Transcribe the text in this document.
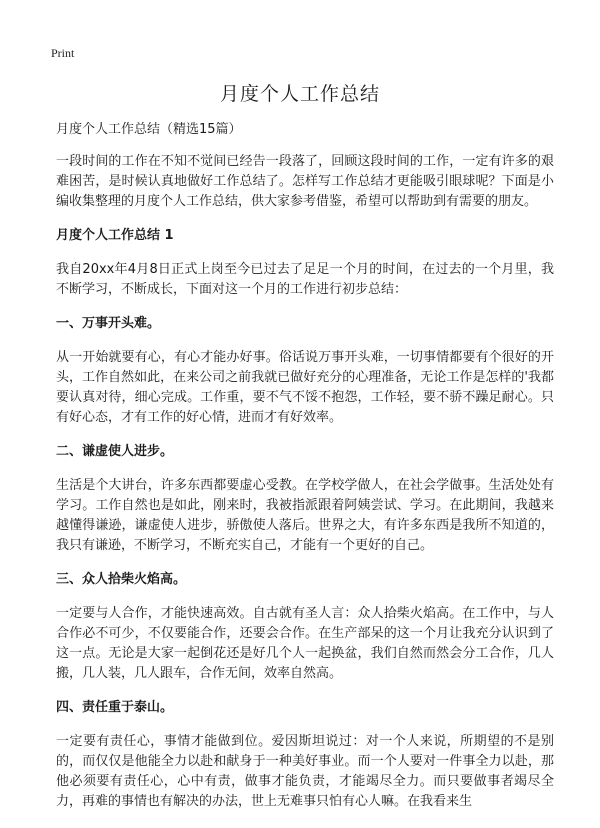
Print
月度个人工作总结

月度个人工作总结（精选15篇）

一段时间的工作在不知不觉间已经告一段落了，回顾这段时间的工作，一定有许多的艰难困苦，是时候认真地做好工作总结了。怎样写工作总结才更能吸引眼球呢？下面是小编收集整理的月度个人工作总结，供大家参考借鉴，希望可以帮助到有需要的朋友。

月度个人工作总结 1

我自20xx年4月8日正式上岗至今已过去了足足一个月的时间，在过去的一个月里，我不断学习，不断成长，下面对这一个月的工作进行初步总结：

一、万事开头难。

从一开始就要有心，有心才能办好事。俗话说万事开头难，一切事情都要有个很好的开头，工作自然如此，在来公司之前我就已做好充分的心理准备，无论工作是怎样的'我都要认真对待，细心完成。工作重，要不气不馁不抱怨，工作轻，要不骄不躁足耐心。只有好心态，才有工作的好心情，进而才有好效率。

二、谦虚使人进步。

生活是个大讲台，许多东西都要虚心受教。在学校学做人，在社会学做事。生活处处有学习。工作自然也是如此，刚来时，我被指派跟着阿姨尝试、学习。在此期间，我越来越懂得谦逊，谦虚使人进步，骄傲使人落后。世界之大，有许多东西是我所不知道的，我只有谦逊，不断学习，不断充实自己，才能有一个更好的自己。

三、众人拾柴火焰高。

一定要与人合作，才能快速高效。自古就有圣人言：众人拾柴火焰高。在工作中，与人合作必不可少，不仅要能合作，还要会合作。在生产部呆的这一个月让我充分认识到了这一点。无论是大家一起倒花还是好几个人一起换盆，我们自然而然会分工合作，几人搬，几人装，几人跟车，合作无间，效率自然高。

四、责任重于泰山。

一定要有责任心，事情才能做到位。爱因斯坦说过：对一个人来说，所期望的不是别的，而仅仅是他能全力以赴和献身于一种美好事业。而一个人要对一件事全力以赴，那他必须要有责任心，心中有责，做事才能负责，才能竭尽全力。而只要做事者竭尽全力，再难的事情也有解决的办法，世上无难事只怕有心人嘛。在我看来生
